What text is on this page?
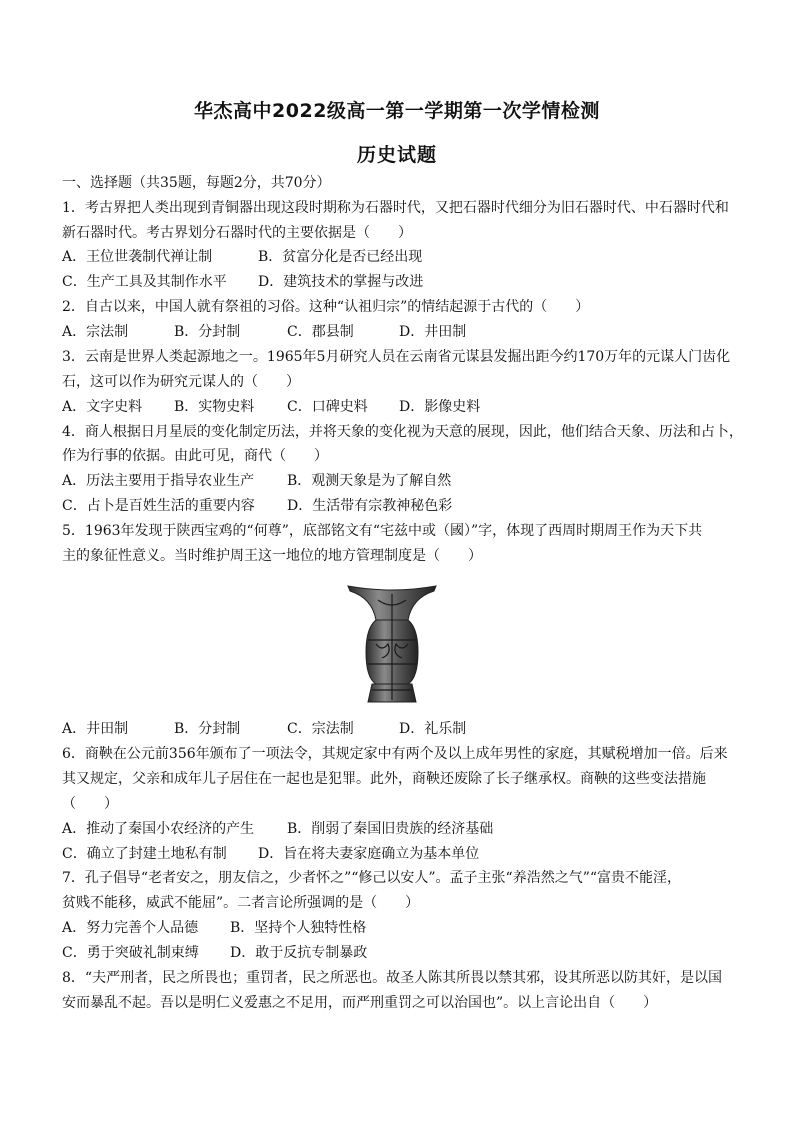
华杰高中2022级高一第一学期第一次学情检测
历史试题
一、选择题（共35题，每题2分，共70分）
1．考古界把人类出现到青铜器出现这段时期称为石器时代，又把石器时代细分为旧石器时代、中石器时代和
新石器时代。考古界划分石器时代的主要依据是（　　）
A．王位世袭制代禅让制	B．贫富分化是否已经出现
C．生产工具及其制作水平 D．建筑技术的掌握与改进
2．自古以来，中国人就有祭祖的习俗。这种“认祖归宗”的情结起源于古代的（　　）
A．宗法制	B．分封制	C．郡县制	D．井田制
3．云南是世界人类起源地之一。1965年5月研究人员在云南省元谋县发掘出距今约170万年的元谋人门齿化
石，这可以作为研究元谋人的（　　）
A．文字史料 B．实物史料 C．口碑史料 D．影像史料
4．商人根据日月星辰的变化制定历法，并将天象的变化视为天意的展现，因此，他们结合天象、历法和占卜，
作为行事的依据。由此可见，商代（　　）
A．历法主要用于指导农业生产 B．观测天象是为了解自然
C．占卜是百姓生活的重要内容 D．生活带有宗教神秘色彩
5．1963年发现于陕西宝鸡的“何尊”，底部铭文有“宅兹中或（國）”字，体现了西周时期周王作为天下共
主的象征性意义。当时维护周王这一地位的地方管理制度是（　　）
A．井田制	B．分封制	C．宗法制	D．礼乐制
6．商鞅在公元前356年颁布了一项法令，其规定家中有两个及以上成年男性的家庭，其赋税增加一倍。后来
其又规定，父亲和成年儿子居住在一起也是犯罪。此外，商鞅还废除了长子继承权。商鞅的这些变法措施
（　　）
A．推动了秦国小农经济的产生 B．削弱了秦国旧贵族的经济基础
C．确立了封建土地私有制 D．旨在将夫妻家庭确立为基本单位
7．孔子倡导“老者安之，朋友信之，少者怀之”“修己以安人”。孟子主张“养浩然之气”“富贵不能淫，
贫贱不能移，威武不能屈”。二者言论所强调的是（　　）
A．努力完善个人品德 B．坚持个人独特性格
C．勇于突破礼制束缚 D．敢于反抗专制暴政
8．“夫严刑者，民之所畏也；重罚者，民之所恶也。故圣人陈其所畏以禁其邪，设其所恶以防其奸，是以国
安而暴乱不起。吾以是明仁义爱惠之不足用，而严刑重罚之可以治国也”。以上言论出自（　　）
